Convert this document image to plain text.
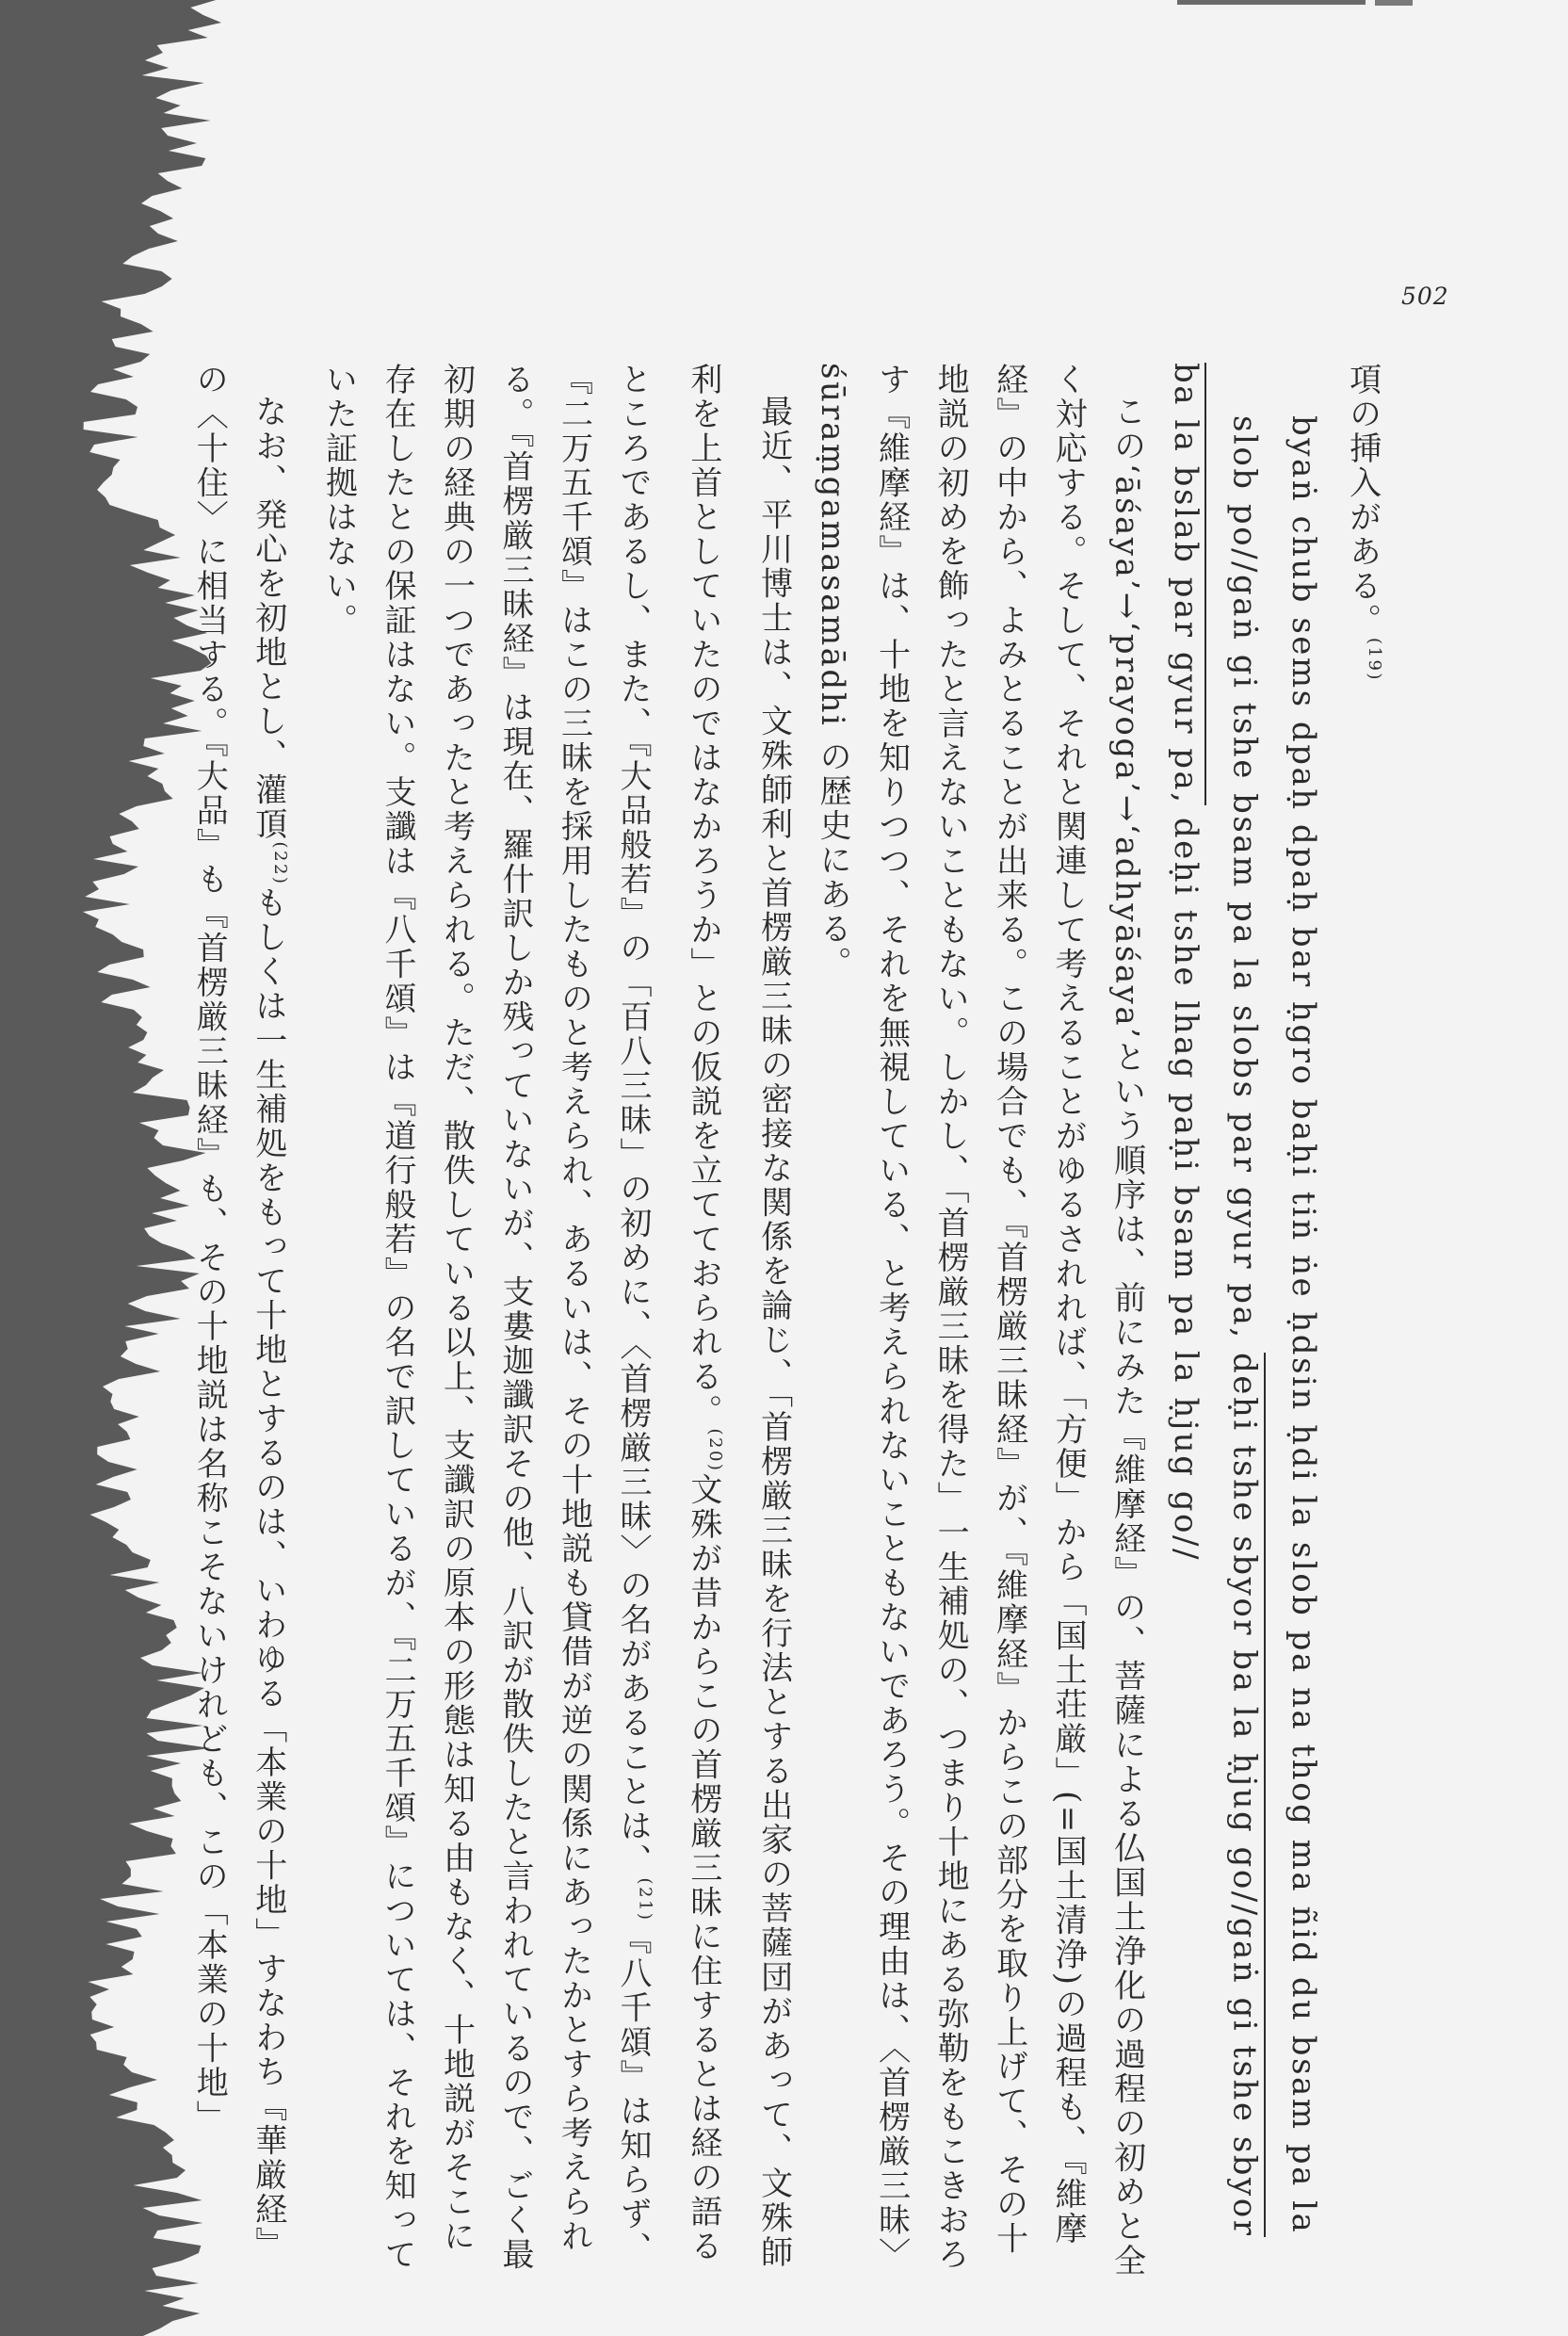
502

項の挿入がある。$^{(19)}$

byaṅ chub sems dpaḥ dpaḥ bar ḥgro baḥi tiṅ ṅe ḥdsin ḥdi la slob pa na thog ma ñid du bsam pa la slob po//gaṅ gi tshe bsam pa la slobs par gyur pa, deḥi tshe sbyor ba la ḥjug go//gaṅ gi tshe sbyor

ba la bslab par gyur pa, deḥi tshe lhag paḥi bsam pa la ḥjug go//

この‘āśaya’→‘prayoga’→‘adhyāśaya’という順序は、前にみた『維摩経』の、菩薩による仏国土浄化の過程の初めと全く対応する。そして、それと関連して考えることがゆるされれば、「方便」から「国土荘厳」(=国土清浄)の過程も、『維摩経』の中から、よみとることが出来る。この場合でも、『首楞厳三昧経』が、『維摩経』からこの部分を取り上げて、その十地説の初めを飾ったと言えないこともない。しかし、「首楞厳三昧を得た」一生補処の、つまり十地にある弥勒をもこきおろす『維摩経』は、十地を知りつつ、それを無視している、と考えられないこともないであろう。その理由は、〈首楞厳三昧〉śūraṃgamasamādhi の歴史にある。

最近、平川博士は、文殊師利と首楞厳三昧の密接な関係を論じ、「首楞厳三昧を行法とする出家の菩薩団があって、文殊師利を上首としていたのではなかろうか」との仮説を立てておられる。$^{(20)}$文殊が昔からこの首楞厳三昧に住するとは経の語るところであるし、また、『大品般若』の「百八三昧」の初めに、〈首楞厳三昧〉の名があることは、$^{(21)}$『八千頌』は知らず、『二万五千頌』はこの三昧を採用したものと考えられ、あるいは、その十地説も貸借が逆の関係にあったかとすら考えられる。『首楞厳三昧経』は現在、羅什訳しか残っていないが、支婁迦讖訳その他、八訳が散佚したと言われているので、ごく最初期の経典の一つであったと考えられる。ただ、散佚している以上、支讖訳の原本の形態は知る由もなく、十地説がそこに存在したとの保証はない。支讖は『八千頌』は『道行般若』の名で訳しているが、『二万五千頌』については、それを知っていた証拠はない。

なお、発心を初地とし、灌頂$^{(22)}$もしくは一生補処をもって十地とするのは、いわゆる「本業の十地」すなわち『華厳経』の〈十住〉に相当する。『大品』も『首楞厳三昧経』も、その十地説は名称こそないけれども、この「本業の十地」
